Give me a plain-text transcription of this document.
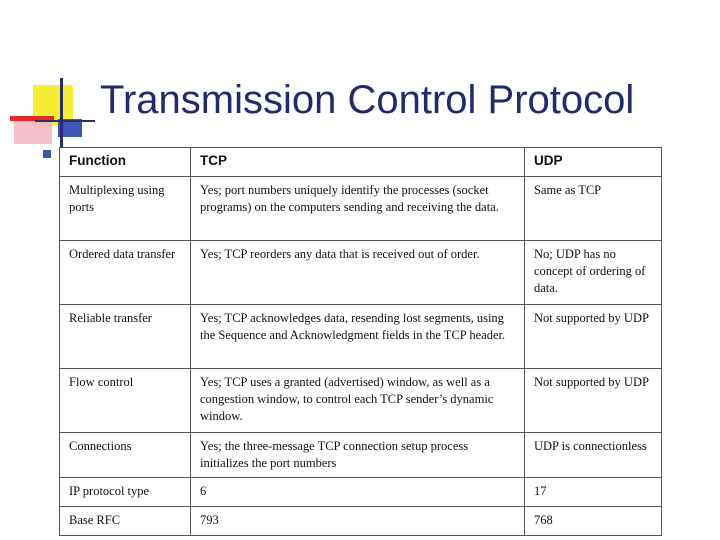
Transmission Control Protocol
Function	TCP	UDP
Multiplexing using ports	Yes; port numbers uniquely identify the processes (socket programs) on the computers sending and receiving the data.	Same as TCP
Ordered data transfer	Yes; TCP reorders any data that is received out of order.	No; UDP has no concept of ordering of data.
Reliable transfer	Yes; TCP acknowledges data, resending lost segments, using the Sequence and Acknowledgment fields in the TCP header.	Not supported by UDP
Flow control	Yes; TCP uses a granted (advertised) window, as well as a congestion window, to control each TCP sender’s dynamic window.	Not supported by UDP
Connections	Yes; the three-message TCP connection setup process initializes the port numbers	UDP is connectionless
IP protocol type	6	17
Base RFC	793	768
